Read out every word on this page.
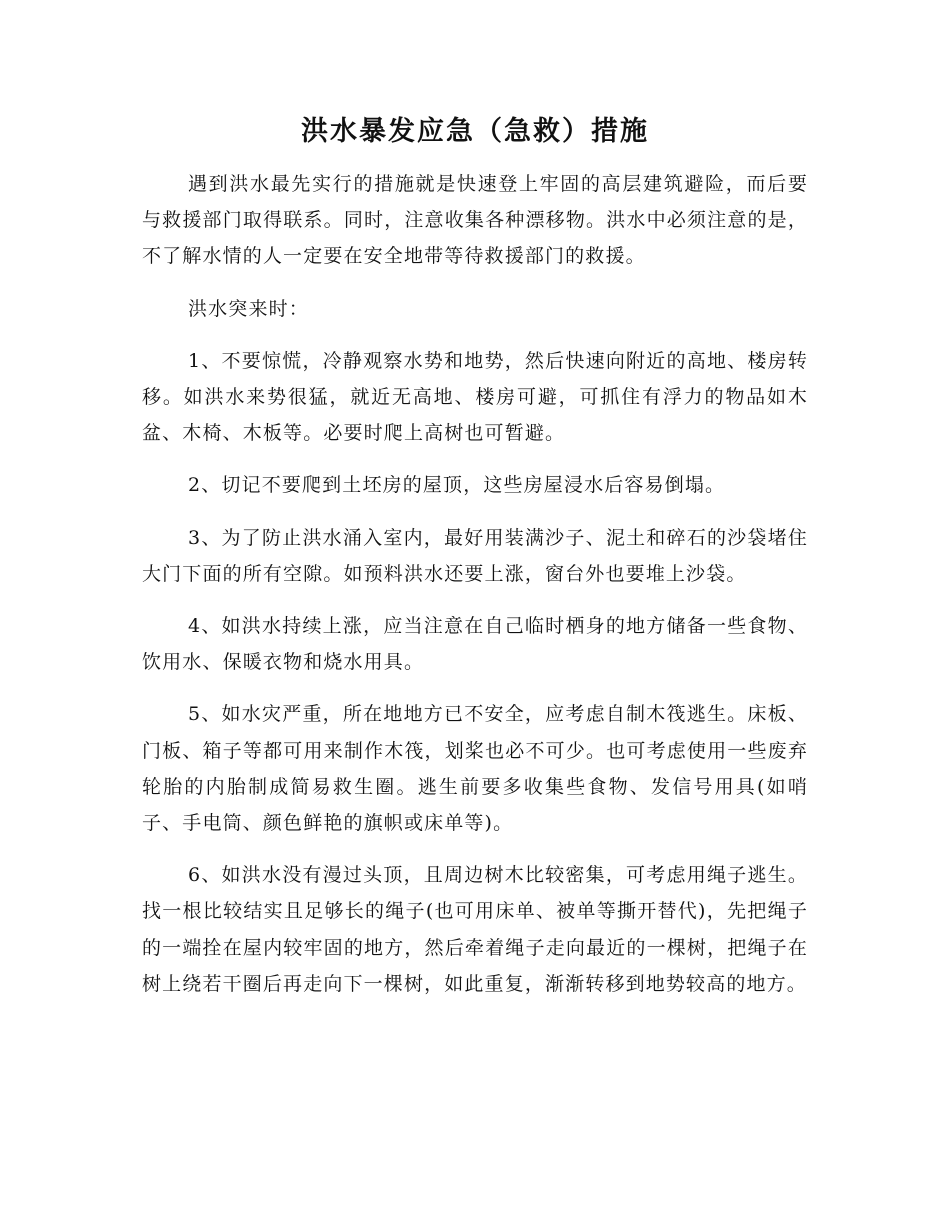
洪水暴发应急（急救）措施

遇到洪水最先实行的措施就是快速登上牢固的高层建筑避险，而后要与救援部门取得联系。同时，注意收集各种漂移物。洪水中必须注意的是，不了解水情的人一定要在安全地带等待救援部门的救援。

洪水突来时：

1、不要惊慌，冷静观察水势和地势，然后快速向附近的高地、楼房转移。如洪水来势很猛，就近无高地、楼房可避，可抓住有浮力的物品如木盆、木椅、木板等。必要时爬上高树也可暂避。

2、切记不要爬到土坯房的屋顶，这些房屋浸水后容易倒塌。

3、为了防止洪水涌入室内，最好用装满沙子、泥土和碎石的沙袋堵住大门下面的所有空隙。如预料洪水还要上涨，窗台外也要堆上沙袋。

4、如洪水持续上涨，应当注意在自己临时栖身的地方储备一些食物、饮用水、保暖衣物和烧水用具。

5、如水灾严重，所在地地方已不安全，应考虑自制木筏逃生。床板、门板、箱子等都可用来制作木筏，划桨也必不可少。也可考虑使用一些废弃轮胎的内胎制成简易救生圈。逃生前要多收集些食物、发信号用具(如哨子、手电筒、颜色鲜艳的旗帜或床单等)。

6、如洪水没有漫过头顶，且周边树木比较密集，可考虑用绳子逃生。找一根比较结实且足够长的绳子(也可用床单、被单等撕开替代)，先把绳子的一端拴在屋内较牢固的地方，然后牵着绳子走向最近的一棵树，把绳子在树上绕若干圈后再走向下一棵树，如此重复，渐渐转移到地势较高的地方。
